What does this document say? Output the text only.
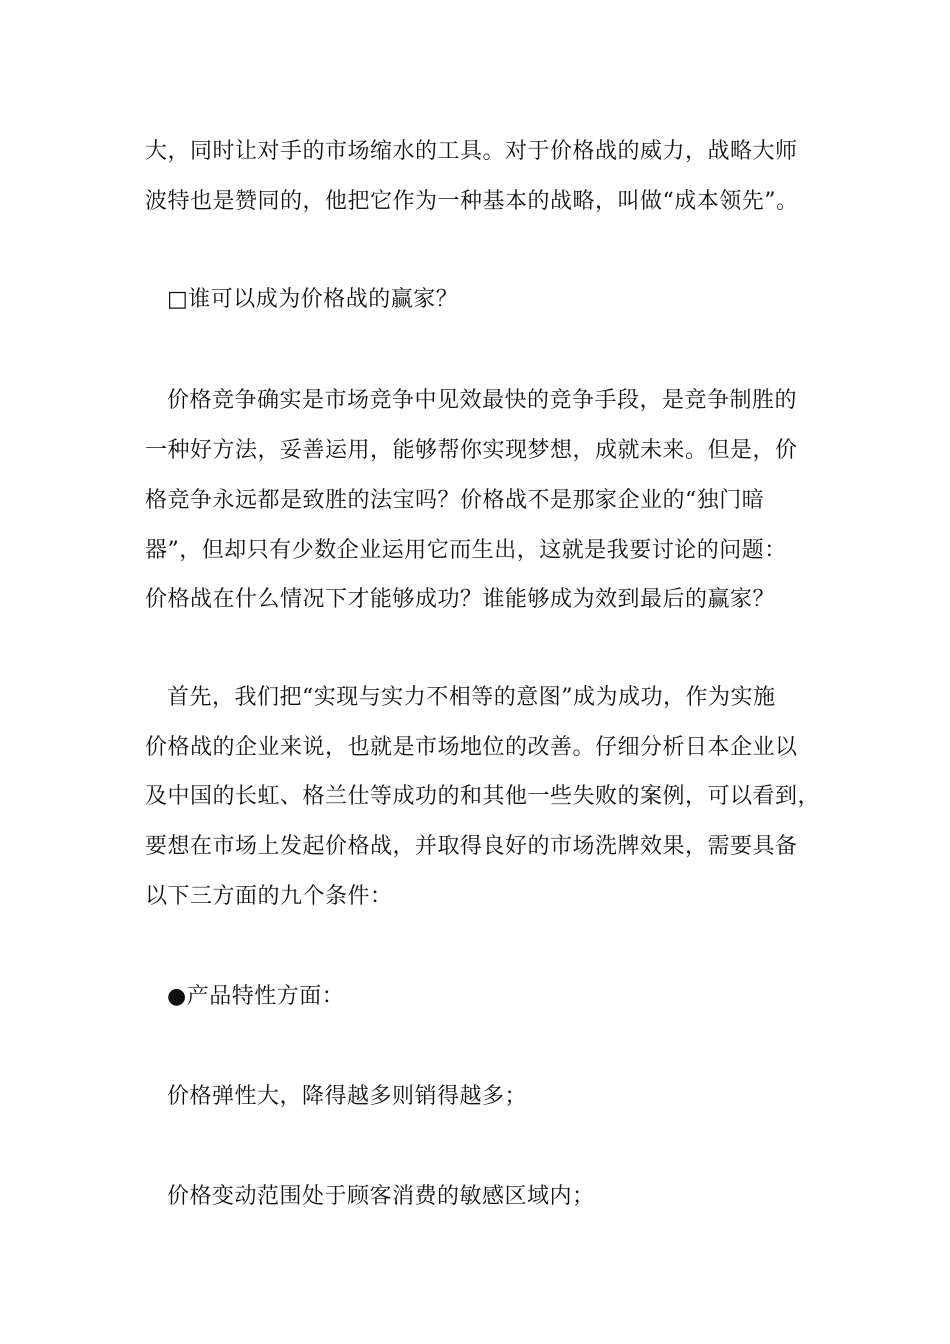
大，同时让对手的市场缩水的工具。对于价格战的威力，战略大师
波特也是赞同的，他把它作为一种基本的战略，叫做“成本领先”。
□谁可以成为价格战的赢家？
价格竞争确实是市场竞争中见效最快的竞争手段，是竞争制胜的
一种好方法，妥善运用，能够帮你实现梦想，成就未来。但是，价
格竞争永远都是致胜的法宝吗？价格战不是那家企业的“独门暗
器”，但却只有少数企业运用它而生出，这就是我要讨论的问题：
价格战在什么情况下才能够成功？谁能够成为效到最后的赢家？
首先，我们把“实现与实力不相等的意图”成为成功，作为实施
价格战的企业来说，也就是市场地位的改善。仔细分析日本企业以
及中国的长虹、格兰仕等成功的和其他一些失败的案例，可以看到，
要想在市场上发起价格战，并取得良好的市场洗牌效果，需要具备
以下三方面的九个条件：
●产品特性方面：
价格弹性大，降得越多则销得越多；
价格变动范围处于顾客消费的敏感区域内；
